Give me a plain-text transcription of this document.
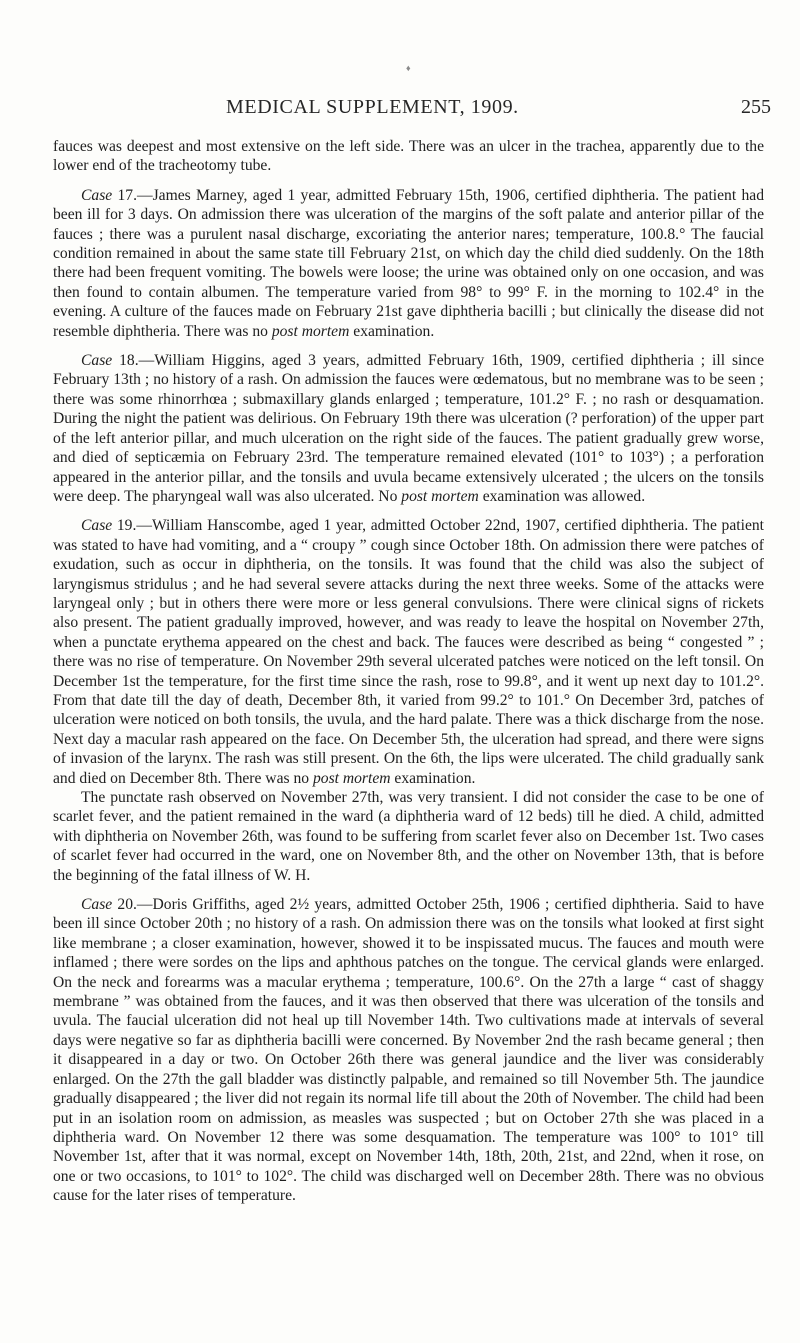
♦
MEDICAL SUPPLEMENT, 1909.	255

fauces was deepest and most extensive on the left side. There was an ulcer in the trachea, apparently due to the lower end of the tracheotomy tube.

Case 17.—James Marney, aged 1 year, admitted February 15th, 1906, certified diphtheria. The patient had been ill for 3 days. On admission there was ulceration of the margins of the soft palate and anterior pillar of the fauces ; there was a purulent nasal discharge, excoriating the anterior nares; temperature, 100.8.° The faucial condition remained in about the same state till February 21st, on which day the child died suddenly. On the 18th there had been frequent vomiting. The bowels were loose; the urine was obtained only on one occasion, and was then found to contain albumen. The temperature varied from 98° to 99° F. in the morning to 102.4° in the evening. A culture of the fauces made on February 21st gave diphtheria bacilli ; but clinically the disease did not resemble diphtheria. There was no post mortem examination.

Case 18.—William Higgins, aged 3 years, admitted February 16th, 1909, certified diphtheria ; ill since February 13th ; no history of a rash. On admission the fauces were œdematous, but no membrane was to be seen ; there was some rhinorrhœa ; submaxillary glands enlarged ; temperature, 101.2° F. ; no rash or desquamation. During the night the patient was delirious. On February 19th there was ulceration (? perforation) of the upper part of the left anterior pillar, and much ulceration on the right side of the fauces. The patient gradually grew worse, and died of septicæmia on February 23rd. The temperature remained elevated (101° to 103°) ; a perforation appeared in the anterior pillar, and the tonsils and uvula became extensively ulcerated ; the ulcers on the tonsils were deep. The pharyngeal wall was also ulcerated. No post mortem examination was allowed.

Case 19.—William Hanscombe, aged 1 year, admitted October 22nd, 1907, certified diphtheria. The patient was stated to have had vomiting, and a “ croupy ” cough since October 18th. On admission there were patches of exudation, such as occur in diphtheria, on the tonsils. It was found that the child was also the subject of laryngismus stridulus ; and he had several severe attacks during the next three weeks. Some of the attacks were laryngeal only ; but in others there were more or less general convulsions. There were clinical signs of rickets also present. The patient gradually improved, however, and was ready to leave the hospital on November 27th, when a punctate erythema appeared on the chest and back. The fauces were described as being “ congested ” ; there was no rise of temperature. On November 29th several ulcerated patches were noticed on the left tonsil. On December 1st the temperature, for the first time since the rash, rose to 99.8°, and it went up next day to 101.2°. From that date till the day of death, December 8th, it varied from 99.2° to 101.° On December 3rd, patches of ulceration were noticed on both tonsils, the uvula, and the hard palate. There was a thick discharge from the nose. Next day a macular rash appeared on the face. On December 5th, the ulceration had spread, and there were signs of invasion of the larynx. The rash was still present. On the 6th, the lips were ulcerated. The child gradually sank and died on December 8th. There was no post mortem examination.

The punctate rash observed on November 27th, was very transient. I did not consider the case to be one of scarlet fever, and the patient remained in the ward (a diphtheria ward of 12 beds) till he died. A child, admitted with diphtheria on November 26th, was found to be suffering from scarlet fever also on December 1st. Two cases of scarlet fever had occurred in the ward, one on November 8th, and the other on November 13th, that is before the beginning of the fatal illness of W. H.

Case 20.—Doris Griffiths, aged 2½ years, admitted October 25th, 1906 ; certified diphtheria. Said to have been ill since October 20th ; no history of a rash. On admission there was on the tonsils what looked at first sight like membrane ; a closer examination, however, showed it to be inspissated mucus. The fauces and mouth were inflamed ; there were sordes on the lips and aphthous patches on the tongue. The cervical glands were enlarged. On the neck and forearms was a macular erythema ; temperature, 100.6°. On the 27th a large “ cast of shaggy membrane ” was obtained from the fauces, and it was then observed that there was ulceration of the tonsils and uvula. The faucial ulceration did not heal up till November 14th. Two cultivations made at intervals of several days were negative so far as diphtheria bacilli were concerned. By November 2nd the rash became general ; then it disappeared in a day or two. On October 26th there was general jaundice and the liver was considerably enlarged. On the 27th the gall bladder was distinctly palpable, and remained so till November 5th. The jaundice gradually disappeared ; the liver did not regain its normal life till about the 20th of November. The child had been put in an isolation room on admission, as measles was suspected ; but on October 27th she was placed in a diphtheria ward. On November 12 there was some desquamation. The temperature was 100° to 101° till November 1st, after that it was normal, except on November 14th, 18th, 20th, 21st, and 22nd, when it rose, on one or two occasions, to 101° to 102°. The child was discharged well on December 28th. There was no obvious cause for the later rises of temperature.
